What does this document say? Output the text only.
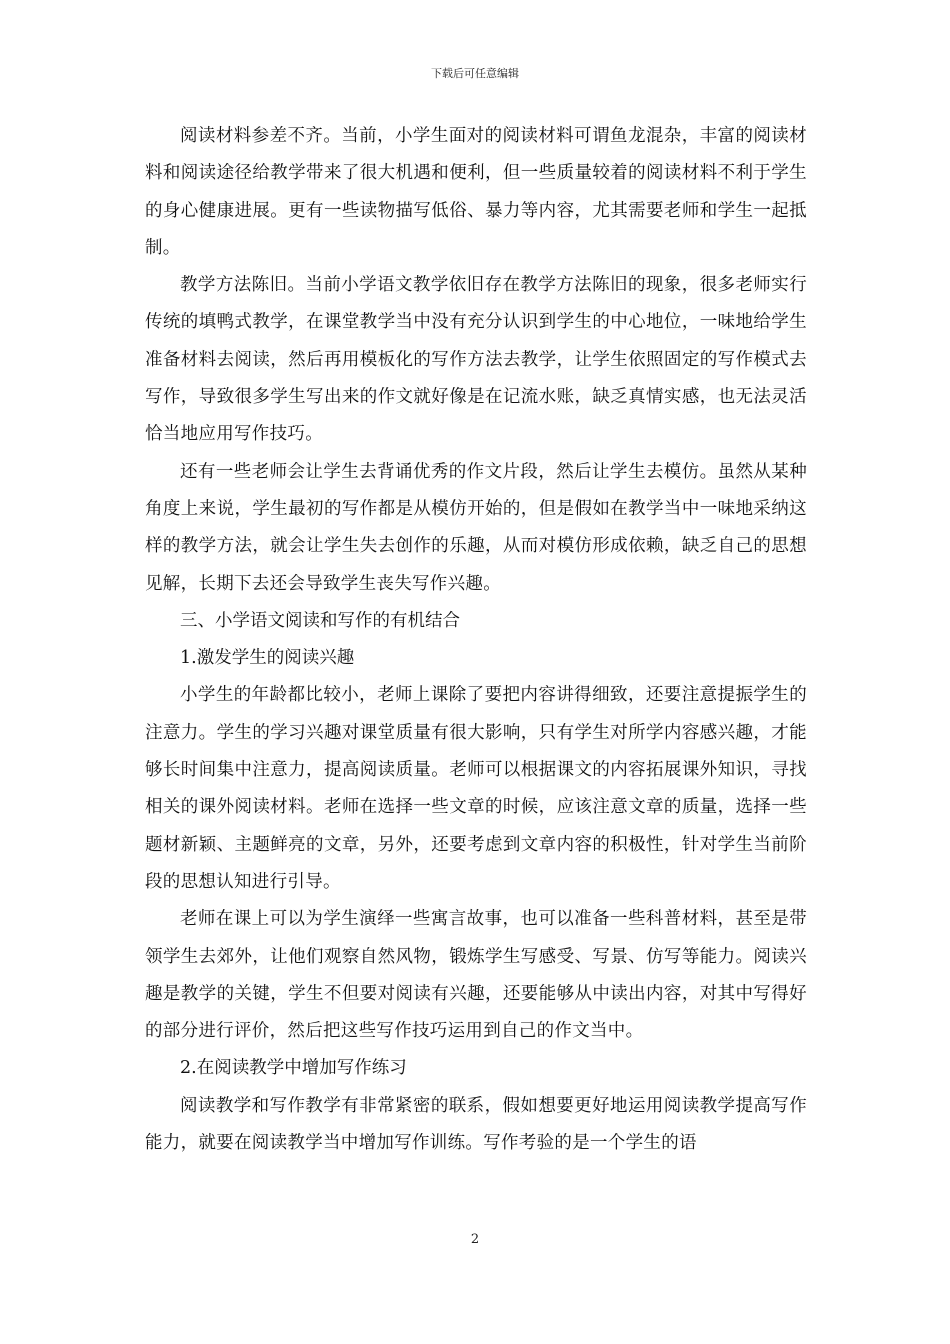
下载后可任意编辑

阅读材料参差不齐。当前，小学生面对的阅读材料可谓鱼龙混杂，丰富的阅读材料和阅读途径给教学带来了很大机遇和便利，但一些质量较着的阅读材料不利于学生的身心健康进展。更有一些读物描写低俗、暴力等内容，尤其需要老师和学生一起抵制。

教学方法陈旧。当前小学语文教学依旧存在教学方法陈旧的现象，很多老师实行传统的填鸭式教学，在课堂教学当中没有充分认识到学生的中心地位，一味地给学生准备材料去阅读，然后再用模板化的写作方法去教学，让学生依照固定的写作模式去写作，导致很多学生写出来的作文就好像是在记流水账，缺乏真情实感，也无法灵活恰当地应用写作技巧。

还有一些老师会让学生去背诵优秀的作文片段，然后让学生去模仿。虽然从某种角度上来说，学生最初的写作都是从模仿开始的，但是假如在教学当中一味地采纳这样的教学方法，就会让学生失去创作的乐趣，从而对模仿形成依赖，缺乏自己的思想见解，长期下去还会导致学生丧失写作兴趣。

三、小学语文阅读和写作的有机结合

1.激发学生的阅读兴趣

小学生的年龄都比较小，老师上课除了要把内容讲得细致，还要注意提振学生的注意力。学生的学习兴趣对课堂质量有很大影响，只有学生对所学内容感兴趣，才能够长时间集中注意力，提高阅读质量。老师可以根据课文的内容拓展课外知识，寻找相关的课外阅读材料。老师在选择一些文章的时候，应该注意文章的质量，选择一些题材新颖、主题鲜亮的文章，另外，还要考虑到文章内容的积极性，针对学生当前阶段的思想认知进行引导。

老师在课上可以为学生演绎一些寓言故事，也可以准备一些科普材料，甚至是带领学生去郊外，让他们观察自然风物，锻炼学生写感受、写景、仿写等能力。阅读兴趣是教学的关键，学生不但要对阅读有兴趣，还要能够从中读出内容，对其中写得好的部分进行评价，然后把这些写作技巧运用到自己的作文当中。

2.在阅读教学中增加写作练习

阅读教学和写作教学有非常紧密的联系，假如想要更好地运用阅读教学提高写作能力，就要在阅读教学当中增加写作训练。写作考验的是一个学生的语

2
